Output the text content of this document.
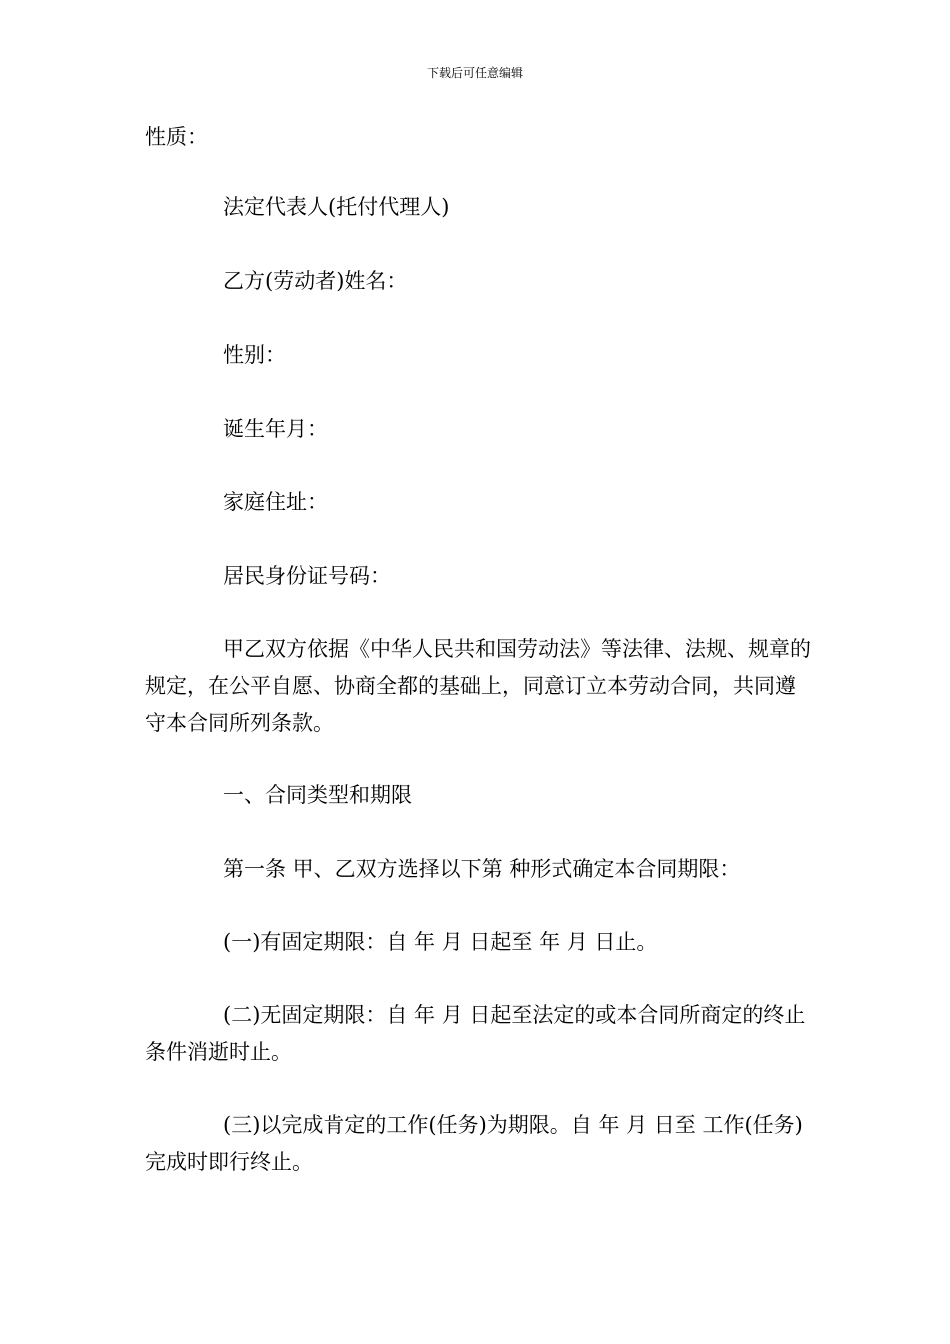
下载后可任意编辑

性质：

法定代表人(托付代理人)

乙方(劳动者)姓名：

性别：

诞生年月：

家庭住址：

居民身份证号码：

甲乙双方依据《中华人民共和国劳动法》等法律、法规、规章的规定，在公平自愿、协商全都的基础上，同意订立本劳动合同，共同遵守本合同所列条款。

一、合同类型和期限

第一条 甲、乙双方选择以下第 种形式确定本合同期限：

(一)有固定期限：自 年 月 日起至 年 月 日止。

(二)无固定期限：自 年 月 日起至法定的或本合同所商定的终止条件消逝时止。

(三)以完成肯定的工作(任务)为期限。自 年 月 日至 工作(任务)完成时即行终止。
